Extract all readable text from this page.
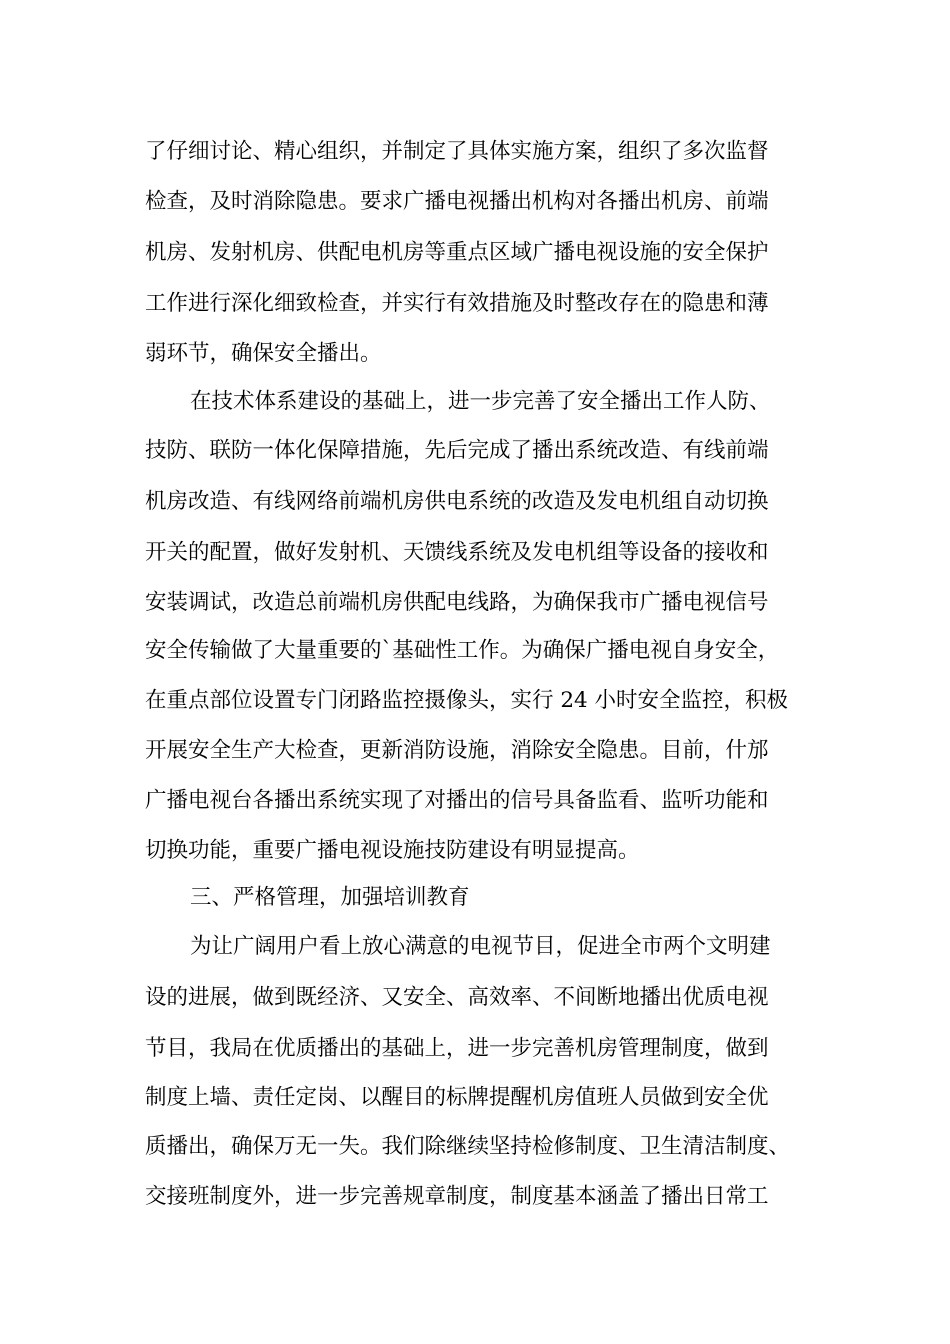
了仔细讨论、精心组织，并制定了具体实施方案，组织了多次监督
检查，及时消除隐患。要求广播电视播出机构对各播出机房、前端
机房、发射机房、供配电机房等重点区域广播电视设施的安全保护
工作进行深化细致检查，并实行有效措施及时整改存在的隐患和薄
弱环节，确保安全播出。
在技术体系建设的基础上，进一步完善了安全播出工作人防、
技防、联防一体化保障措施，先后完成了播出系统改造、有线前端
机房改造、有线网络前端机房供电系统的改造及发电机组自动切换
开关的配置，做好发射机、天馈线系统及发电机组等设备的接收和
安装调试，改造总前端机房供配电线路，为确保我市广播电视信号
安全传输做了大量重要的`基础性工作。为确保广播电视自身安全，
在重点部位设置专门闭路监控摄像头，实行 24 小时安全监控，积极
开展安全生产大检查，更新消防设施，消除安全隐患。目前，什邡
广播电视台各播出系统实现了对播出的信号具备监看、监听功能和
切换功能，重要广播电视设施技防建设有明显提高。
三、严格管理，加强培训教育
为让广阔用户看上放心满意的电视节目，促进全市两个文明建
设的进展，做到既经济、又安全、高效率、不间断地播出优质电视
节目，我局在优质播出的基础上，进一步完善机房管理制度，做到
制度上墙、责任定岗、以醒目的标牌提醒机房值班人员做到安全优
质播出，确保万无一失。我们除继续坚持检修制度、卫生清洁制度、
交接班制度外，进一步完善规章制度，制度基本涵盖了播出日常工
